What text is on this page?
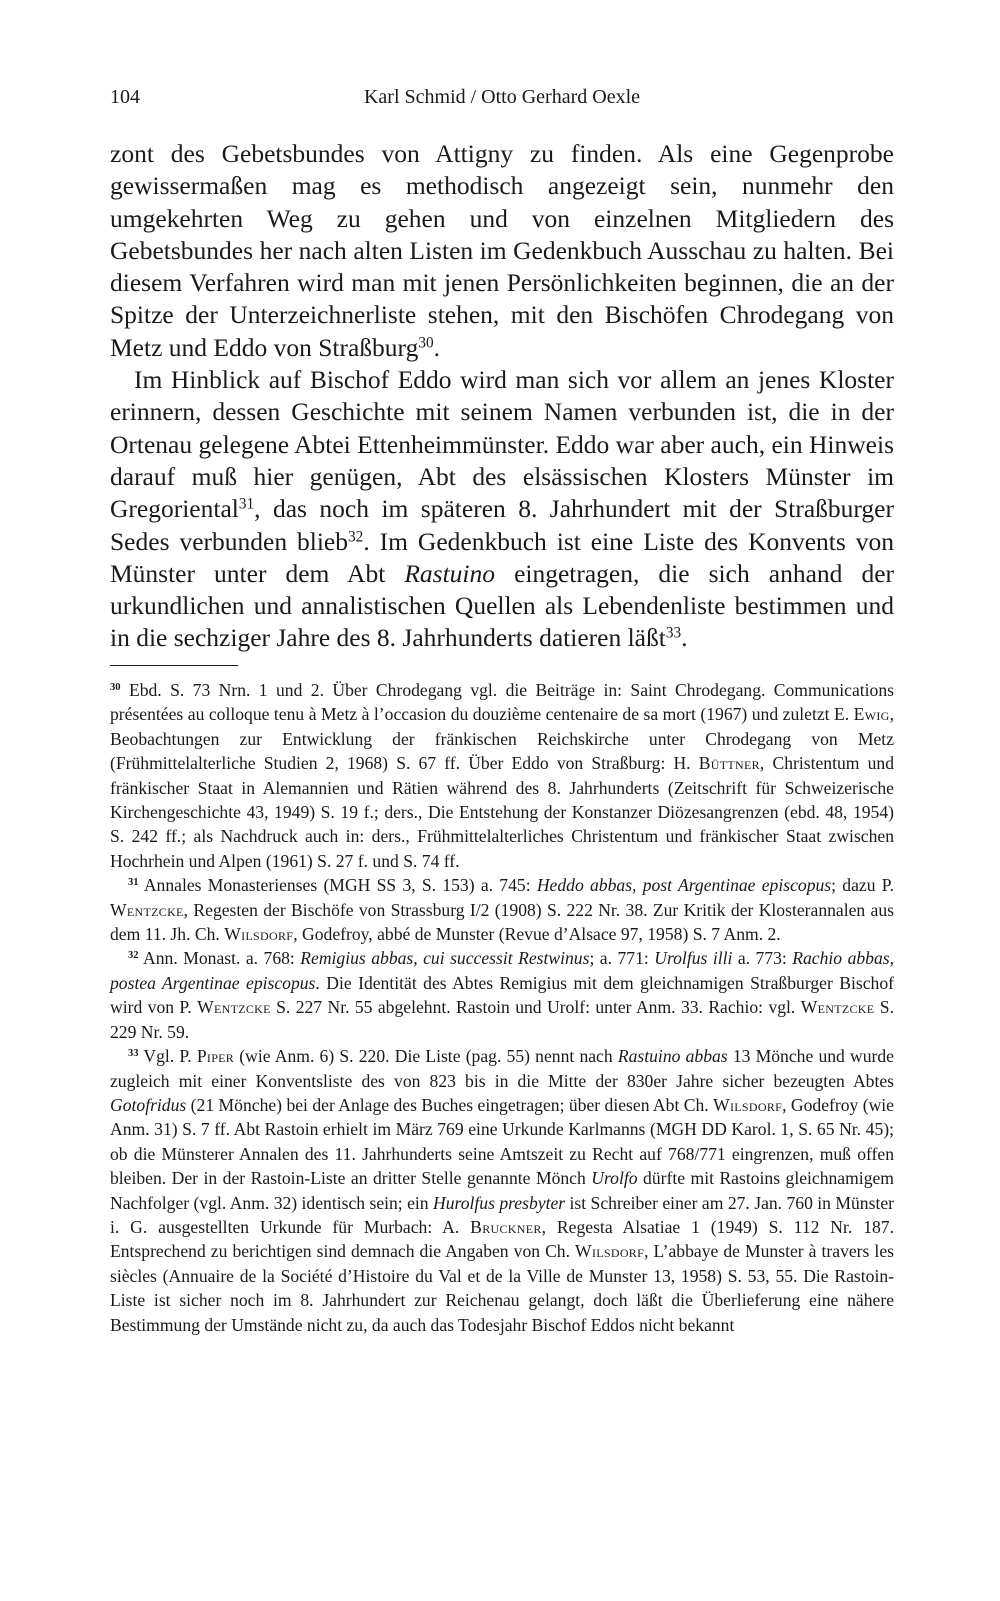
104	Karl Schmid / Otto Gerhard Oexle

zont des Gebetsbundes von Attigny zu finden. Als eine Gegenprobe gewissermaßen mag es methodisch angezeigt sein, nunmehr den umgekehrten Weg zu gehen und von einzelnen Mitgliedern des Gebetsbundes her nach alten Listen im Gedenkbuch Ausschau zu halten. Bei diesem Verfahren wird man mit jenen Persönlichkeiten beginnen, die an der Spitze der Unterzeichnerliste stehen, mit den Bischöfen Chrodegang von Metz und Eddo von Straßburg$^{30}$.

Im Hinblick auf Bischof Eddo wird man sich vor allem an jenes Kloster erinnern, dessen Geschichte mit seinem Namen verbunden ist, die in der Ortenau gelegene Abtei Ettenheimmünster. Eddo war aber auch, ein Hinweis darauf muß hier genügen, Abt des elsässischen Klosters Münster im Gregoriental$^{31}$, das noch im späteren 8. Jahrhundert mit der Straßburger Sedes verbunden blieb$^{32}$. Im Gedenkbuch ist eine Liste des Konvents von Münster unter dem Abt Rastuino eingetragen, die sich anhand der urkundlichen und annalistischen Quellen als Lebendenliste bestimmen und in die sechziger Jahre des 8. Jahrhunderts datieren läßt$^{33}$.

$^{30}$ Ebd. S. 73 Nrn. 1 und 2. Über Chrodegang vgl. die Beiträge in: Saint Chrodegang. Communications présentées au colloque tenu à Metz à l’occasion du douzième centenaire de sa mort (1967) und zuletzt E. Ewig, Beobachtungen zur Entwicklung der fränkischen Reichskirche unter Chrodegang von Metz (Frühmittelalterliche Studien 2, 1968) S. 67 ff. Über Eddo von Straßburg: H. Büttner, Christentum und fränkischer Staat in Alemannien und Rätien während des 8. Jahrhunderts (Zeitschrift für Schweizerische Kirchengeschichte 43, 1949) S. 19 f.; ders., Die Entstehung der Konstanzer Diözesangrenzen (ebd. 48, 1954) S. 242 ff.; als Nachdruck auch in: ders., Frühmittelalterliches Christentum und fränkischer Staat zwischen Hochrhein und Alpen (1961) S. 27 f. und S. 74 ff.

$^{31}$ Annales Monasterienses (MGH SS 3, S. 153) a. 745: Heddo abbas, post Argentinae episcopus; dazu P. Wentzcke, Regesten der Bischöfe von Strassburg I/2 (1908) S. 222 Nr. 38. Zur Kritik der Klosterannalen aus dem 11. Jh. Ch. Wilsdorf, Godefroy, abbé de Munster (Revue d’Alsace 97, 1958) S. 7 Anm. 2.

$^{32}$ Ann. Monast. a. 768: Remigius abbas, cui successit Restwinus; a. 771: Urolfus illi a. 773: Rachio abbas, postea Argentinae episcopus. Die Identität des Abtes Remigius mit dem gleichnamigen Straßburger Bischof wird von P. Wentzcke S. 227 Nr. 55 abgelehnt. Rastoin und Urolf: unter Anm. 33. Rachio: vgl. Wentzcke S. 229 Nr. 59.

$^{33}$ Vgl. P. Piper (wie Anm. 6) S. 220. Die Liste (pag. 55) nennt nach Rastuino abbas 13 Mönche und wurde zugleich mit einer Konventsliste des von 823 bis in die Mitte der 830er Jahre sicher bezeugten Abtes Gotofridus (21 Mönche) bei der Anlage des Buches eingetragen; über diesen Abt Ch. Wilsdorf, Godefroy (wie Anm. 31) S. 7 ff. Abt Rastoin erhielt im März 769 eine Urkunde Karlmanns (MGH DD Karol. 1, S. 65 Nr. 45); ob die Münsterer Annalen des 11. Jahrhunderts seine Amtszeit zu Recht auf 768/771 eingrenzen, muß offen bleiben. Der in der Rastoin-Liste an dritter Stelle genannte Mönch Urolfo dürfte mit Rastoins gleichnamigem Nachfolger (vgl. Anm. 32) identisch sein; ein Hurolfus presbyter ist Schreiber einer am 27. Jan. 760 in Münster i. G. ausgestellten Urkunde für Murbach: A. Bruckner, Regesta Alsatiae 1 (1949) S. 112 Nr. 187. Entsprechend zu berichtigen sind demnach die Angaben von Ch. Wilsdorf, L’abbaye de Munster à travers les siècles (Annuaire de la Société d’Histoire du Val et de la Ville de Munster 13, 1958) S. 53, 55. Die Rastoin-Liste ist sicher noch im 8. Jahrhundert zur Reichenau gelangt, doch läßt die Überlieferung eine nähere Bestimmung der Umstände nicht zu, da auch das Todesjahr Bischof Eddos nicht bekannt
